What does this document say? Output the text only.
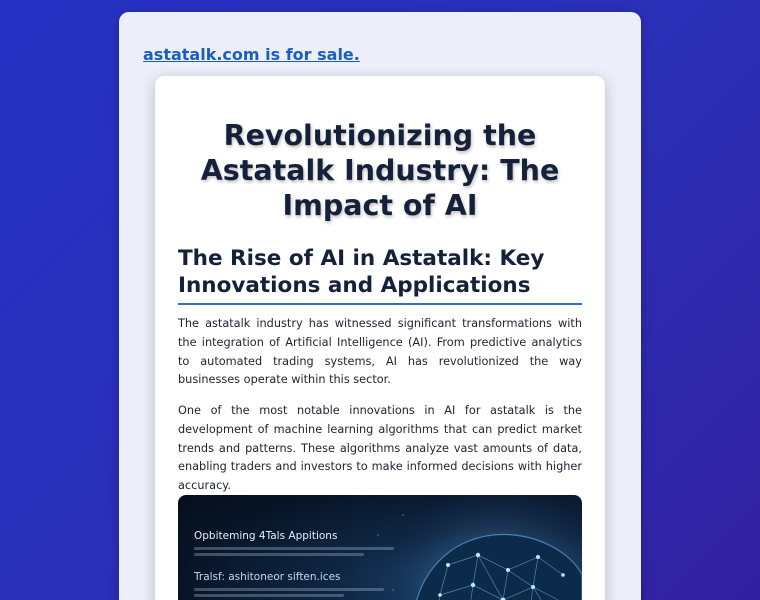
astatalk.com is for sale.
Revolutionizing the Astatalk Industry: The Impact of AI
The Rise of AI in Astatalk: Key Innovations and Applications

The astatalk industry has witnessed significant transformations with the integration of Artificial Intelligence (AI). From predictive analytics to automated trading systems, AI has revolutionized the way businesses operate within this sector.

One of the most notable innovations in AI for astatalk is the development of machine learning algorithms that can predict market trends and patterns. These algorithms analyze vast amounts of data, enabling traders and investors to make informed decisions with higher accuracy.

Opbiteming 4Tals Appitions
Tralsf: ashitoneor siften.ices
